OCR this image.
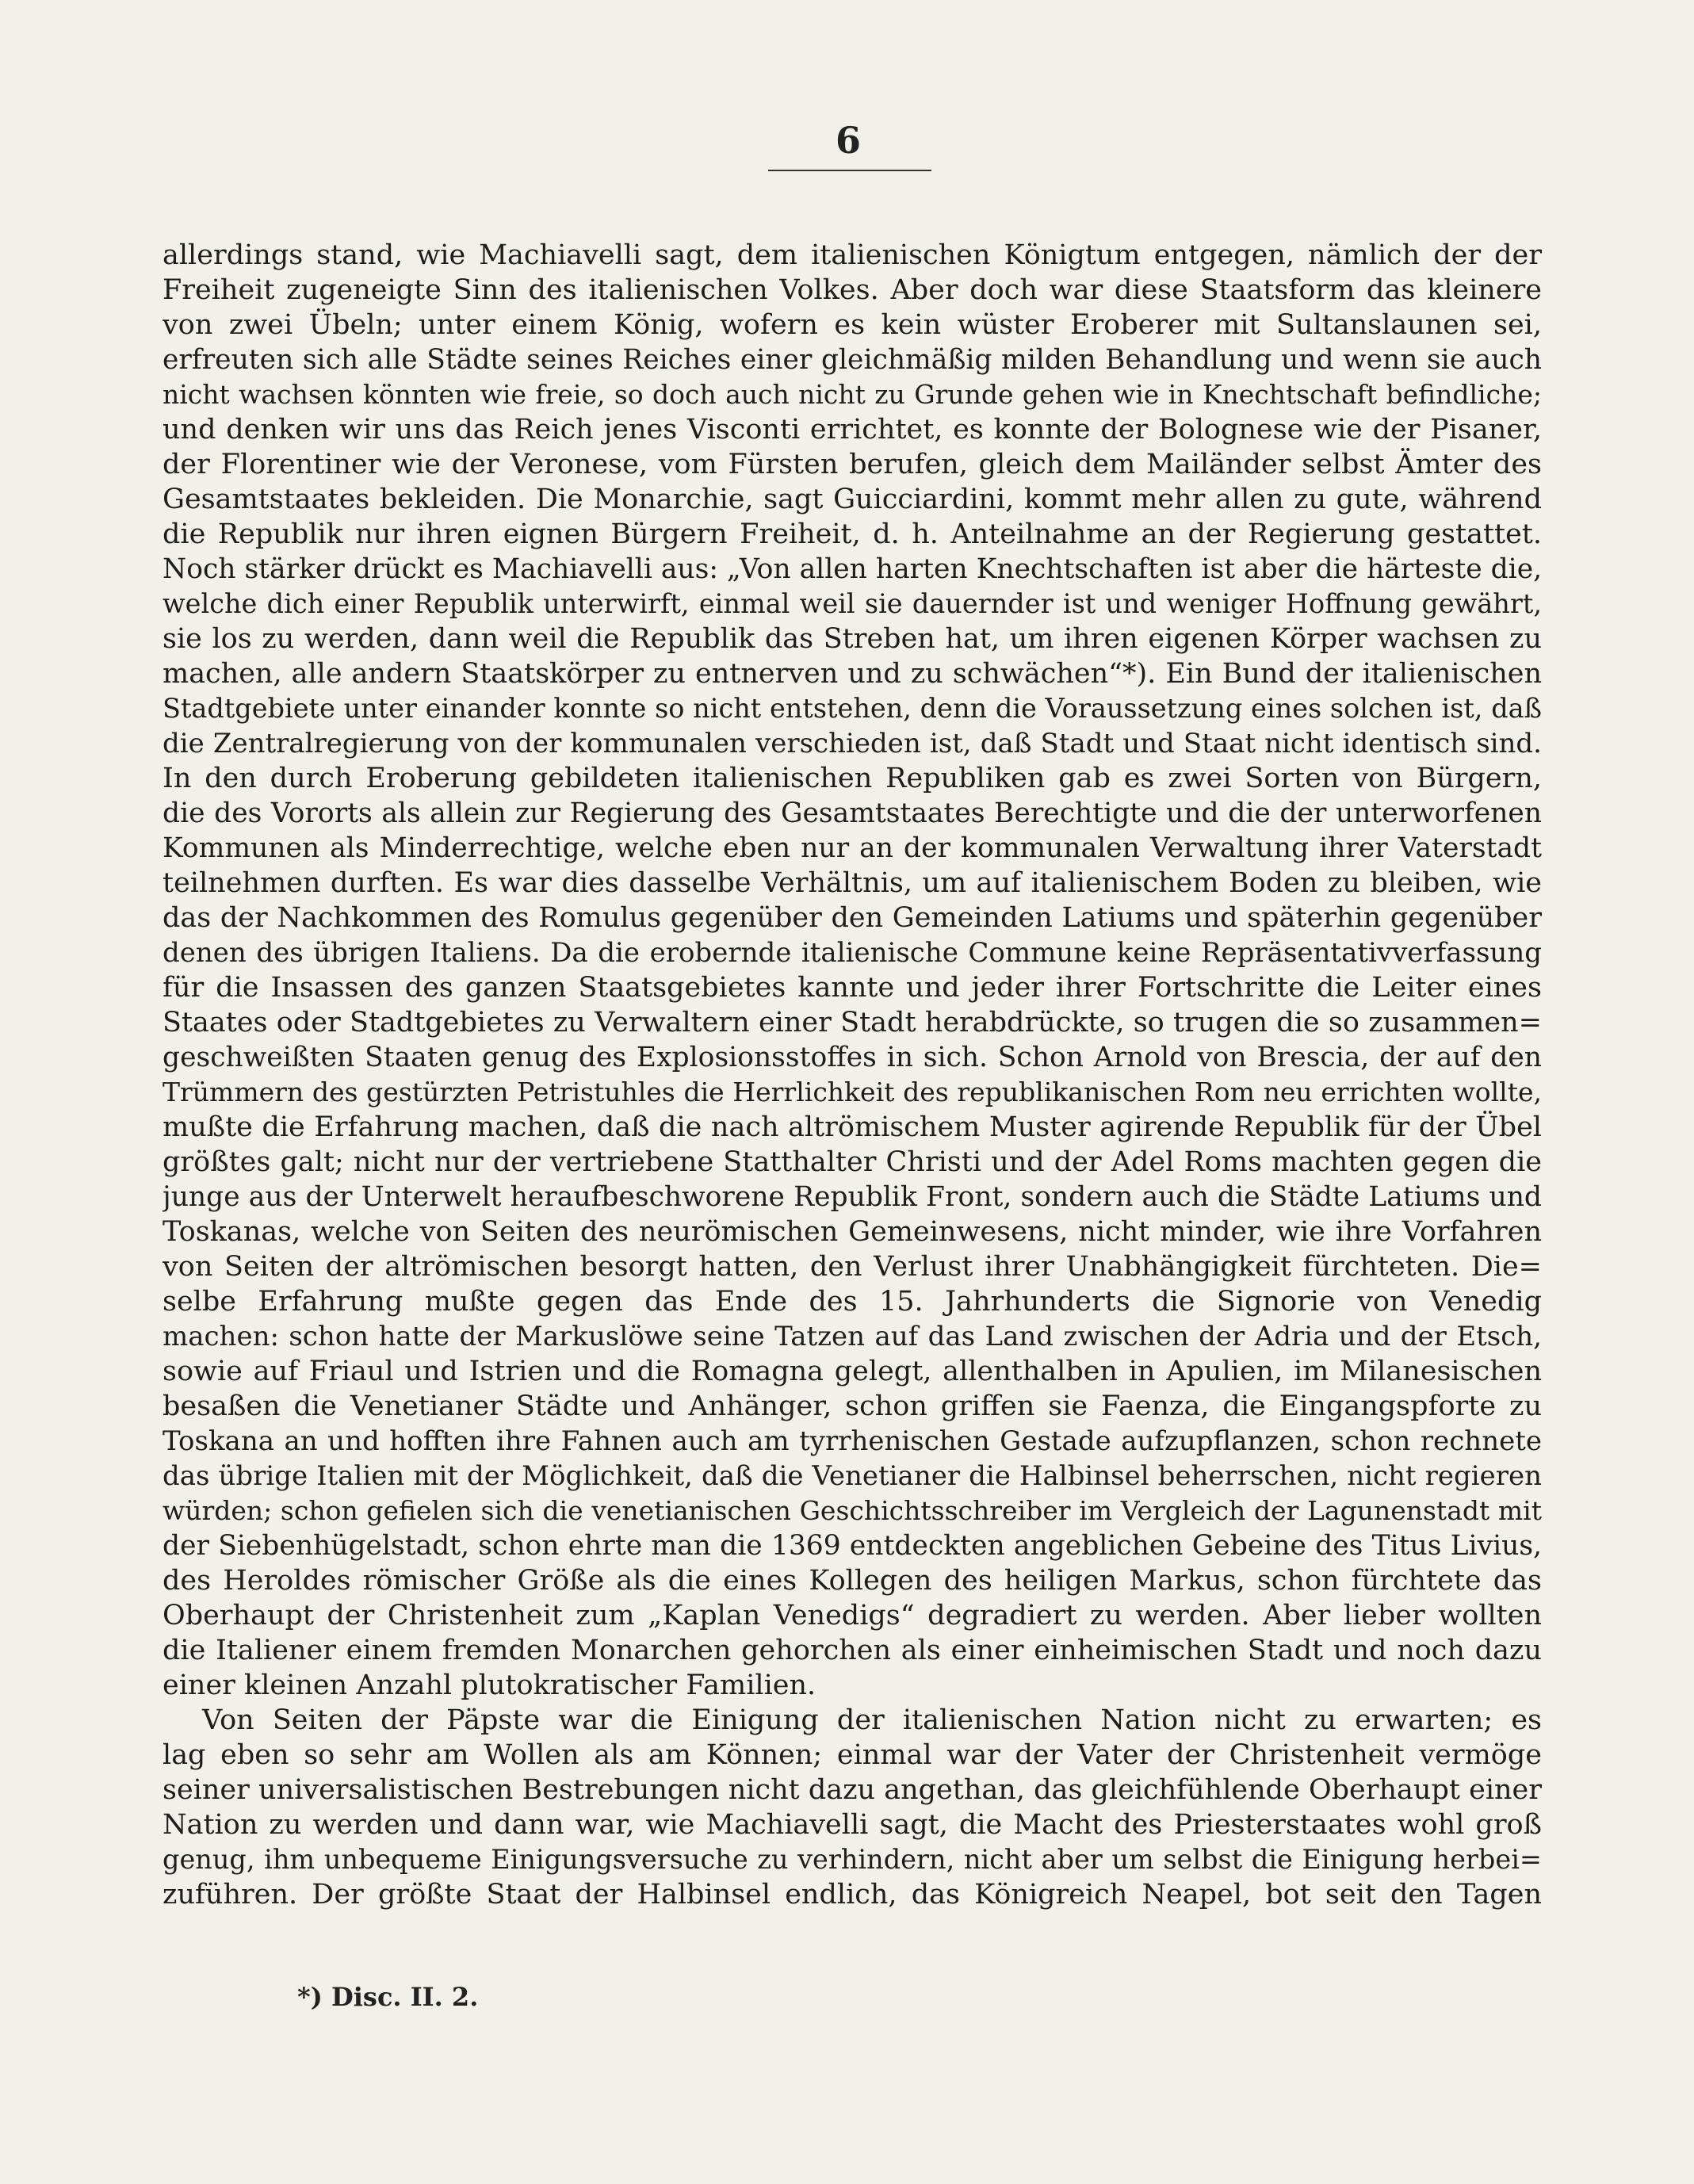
6
allerdings stand, wie Machiavelli sagt, dem italienischen Königtum entgegen, nämlich der der
Freiheit zugeneigte Sinn des italienischen Volkes. Aber doch war diese Staatsform das kleinere
von zwei Übeln; unter einem König, wofern es kein wüster Eroberer mit Sultanslaunen sei,
erfreuten sich alle Städte seines Reiches einer gleichmäßig milden Behandlung und wenn sie auch
nicht wachsen könnten wie freie, so doch auch nicht zu Grunde gehen wie in Knechtschaft befindliche;
und denken wir uns das Reich jenes Visconti errichtet, es konnte der Bolognese wie der Pisaner,
der Florentiner wie der Veronese, vom Fürsten berufen, gleich dem Mailänder selbst Ämter des
Gesamtstaates bekleiden. Die Monarchie, sagt Guicciardini, kommt mehr allen zu gute, während
die Republik nur ihren eignen Bürgern Freiheit, d. h. Anteilnahme an der Regierung gestattet.
Noch stärker drückt es Machiavelli aus: „Von allen harten Knechtschaften ist aber die härteste die,
welche dich einer Republik unterwirft, einmal weil sie dauernder ist und weniger Hoffnung gewährt,
sie los zu werden, dann weil die Republik das Streben hat, um ihren eigenen Körper wachsen zu
machen, alle andern Staatskörper zu entnerven und zu schwächen“*). Ein Bund der italienischen
Stadtgebiete unter einander konnte so nicht entstehen, denn die Voraussetzung eines solchen ist, daß
die Zentralregierung von der kommunalen verschieden ist, daß Stadt und Staat nicht identisch sind.
In den durch Eroberung gebildeten italienischen Republiken gab es zwei Sorten von Bürgern,
die des Vororts als allein zur Regierung des Gesamtstaates Berechtigte und die der unterworfenen
Kommunen als Minderrechtige, welche eben nur an der kommunalen Verwaltung ihrer Vaterstadt
teilnehmen durften. Es war dies dasselbe Verhältnis, um auf italienischem Boden zu bleiben, wie
das der Nachkommen des Romulus gegenüber den Gemeinden Latiums und späterhin gegenüber
denen des übrigen Italiens. Da die erobernde italienische Commune keine Repräsentativverfassung
für die Insassen des ganzen Staatsgebietes kannte und jeder ihrer Fortschritte die Leiter eines
Staates oder Stadtgebietes zu Verwaltern einer Stadt herabdrückte, so trugen die so zusammen=
geschweißten Staaten genug des Explosionsstoffes in sich. Schon Arnold von Brescia, der auf den
Trümmern des gestürzten Petristuhles die Herrlichkeit des republikanischen Rom neu errichten wollte,
mußte die Erfahrung machen, daß die nach altrömischem Muster agirende Republik für der Übel
größtes galt; nicht nur der vertriebene Statthalter Christi und der Adel Roms machten gegen die
junge aus der Unterwelt heraufbeschworene Republik Front, sondern auch die Städte Latiums und
Toskanas, welche von Seiten des neurömischen Gemeinwesens, nicht minder, wie ihre Vorfahren
von Seiten der altrömischen besorgt hatten, den Verlust ihrer Unabhängigkeit fürchteten. Die=
selbe Erfahrung mußte gegen das Ende des 15. Jahrhunderts die Signorie von Venedig
machen: schon hatte der Markuslöwe seine Tatzen auf das Land zwischen der Adria und der Etsch,
sowie auf Friaul und Istrien und die Romagna gelegt, allenthalben in Apulien, im Milanesischen
besaßen die Venetianer Städte und Anhänger, schon griffen sie Faenza, die Eingangspforte zu
Toskana an und hofften ihre Fahnen auch am tyrrhenischen Gestade aufzupflanzen, schon rechnete
das übrige Italien mit der Möglichkeit, daß die Venetianer die Halbinsel beherrschen, nicht regieren
würden; schon gefielen sich die venetianischen Geschichtsschreiber im Vergleich der Lagunenstadt mit
der Siebenhügelstadt, schon ehrte man die 1369 entdeckten angeblichen Gebeine des Titus Livius,
des Heroldes römischer Größe als die eines Kollegen des heiligen Markus, schon fürchtete das
Oberhaupt der Christenheit zum „Kaplan Venedigs“ degradiert zu werden. Aber lieber wollten
die Italiener einem fremden Monarchen gehorchen als einer einheimischen Stadt und noch dazu
einer kleinen Anzahl plutokratischer Familien.
Von Seiten der Päpste war die Einigung der italienischen Nation nicht zu erwarten; es
lag eben so sehr am Wollen als am Können; einmal war der Vater der Christenheit vermöge
seiner universalistischen Bestrebungen nicht dazu angethan, das gleichfühlende Oberhaupt einer
Nation zu werden und dann war, wie Machiavelli sagt, die Macht des Priesterstaates wohl groß
genug, ihm unbequeme Einigungsversuche zu verhindern, nicht aber um selbst die Einigung herbei=
zuführen. Der größte Staat der Halbinsel endlich, das Königreich Neapel, bot seit den Tagen
*) Disc. II. 2.
